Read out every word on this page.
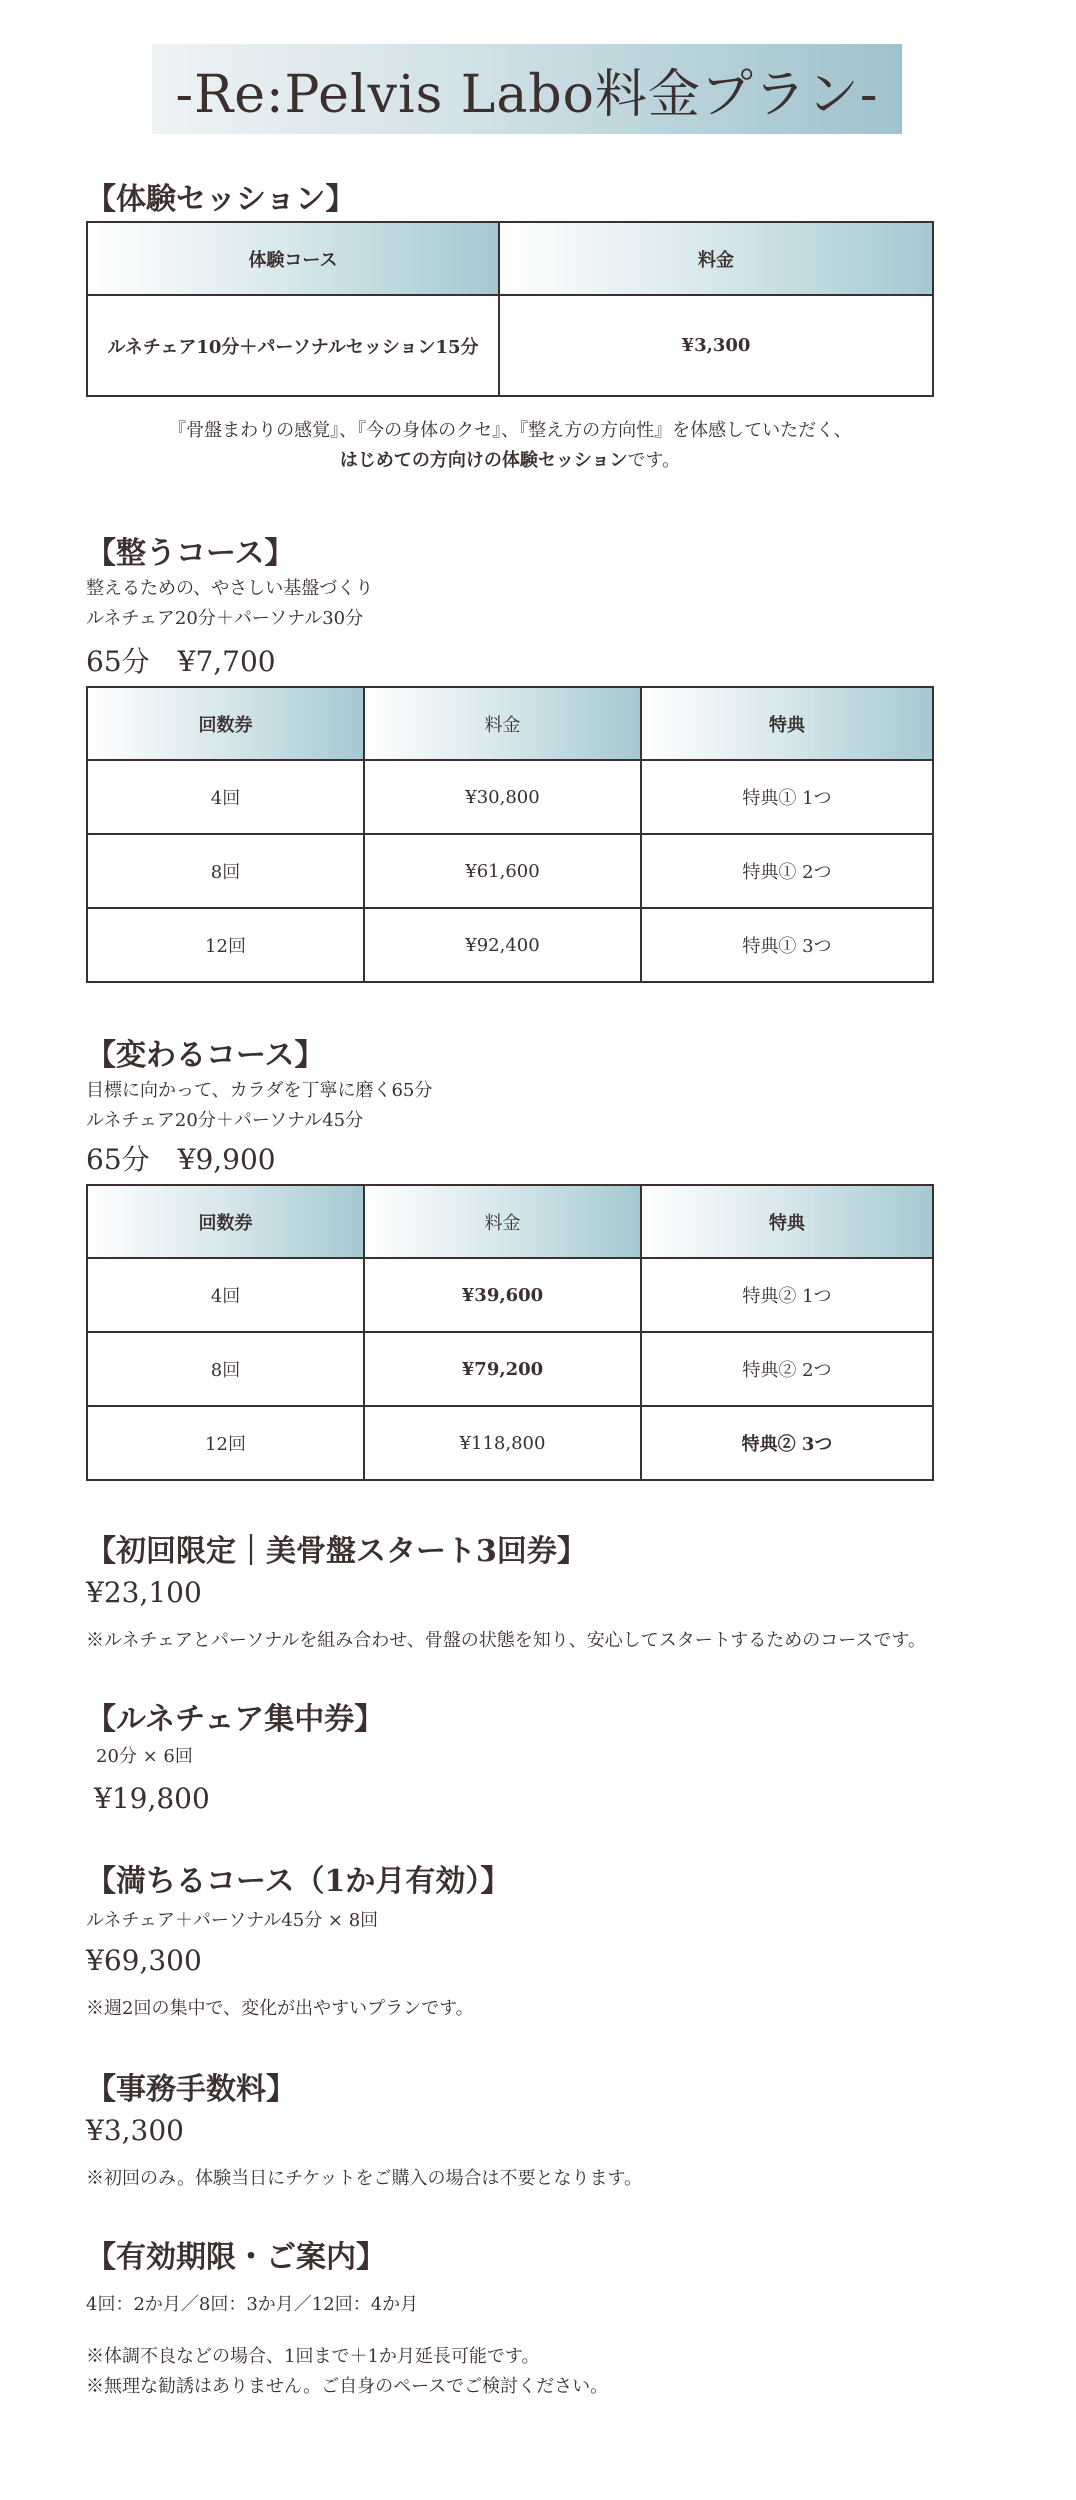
-Re:Pelvis Labo料金プラン-
【体験セッション】
体験コース	料金
ルネチェア10分＋パーソナルセッション15分	¥3,300
『骨盤まわりの感覚』、『今の身体のクセ』、『整え方の方向性』を体感していただく、
はじめての方向けの体験セッションです。
【整うコース】
整えるための、やさしい基盤づくり
ルネチェア20分＋パーソナル30分
65分　¥7,700
回数券	料金	特典
4回	¥30,800	特典① 1つ
8回	¥61,600	特典① 2つ
12回	¥92,400	特典① 3つ
【変わるコース】
目標に向かって、カラダを丁寧に磨く65分
ルネチェア20分＋パーソナル45分
65分　¥9,900
回数券	料金	特典
4回	¥39,600	特典② 1つ
8回	¥79,200	特典② 2つ
12回	¥118,800	特典② 3つ
【初回限定｜美骨盤スタート3回券】
¥23,100
※ルネチェアとパーソナルを組み合わせ、骨盤の状態を知り、安心してスタートするためのコースです。
【ルネチェア集中券】
20分 × 6回
¥19,800
【満ちるコース（1か月有効）】
ルネチェア＋パーソナル45分 × 8回
¥69,300
※週2回の集中で、変化が出やすいプランです。
【事務手数料】
¥3,300
※初回のみ。体験当日にチケットをご購入の場合は不要となります。
【有効期限・ご案内】
4回：2か月／8回：3か月／12回：4か月
※体調不良などの場合、1回まで＋1か月延長可能です。
※無理な勧誘はありません。ご自身のペースでご検討ください。
